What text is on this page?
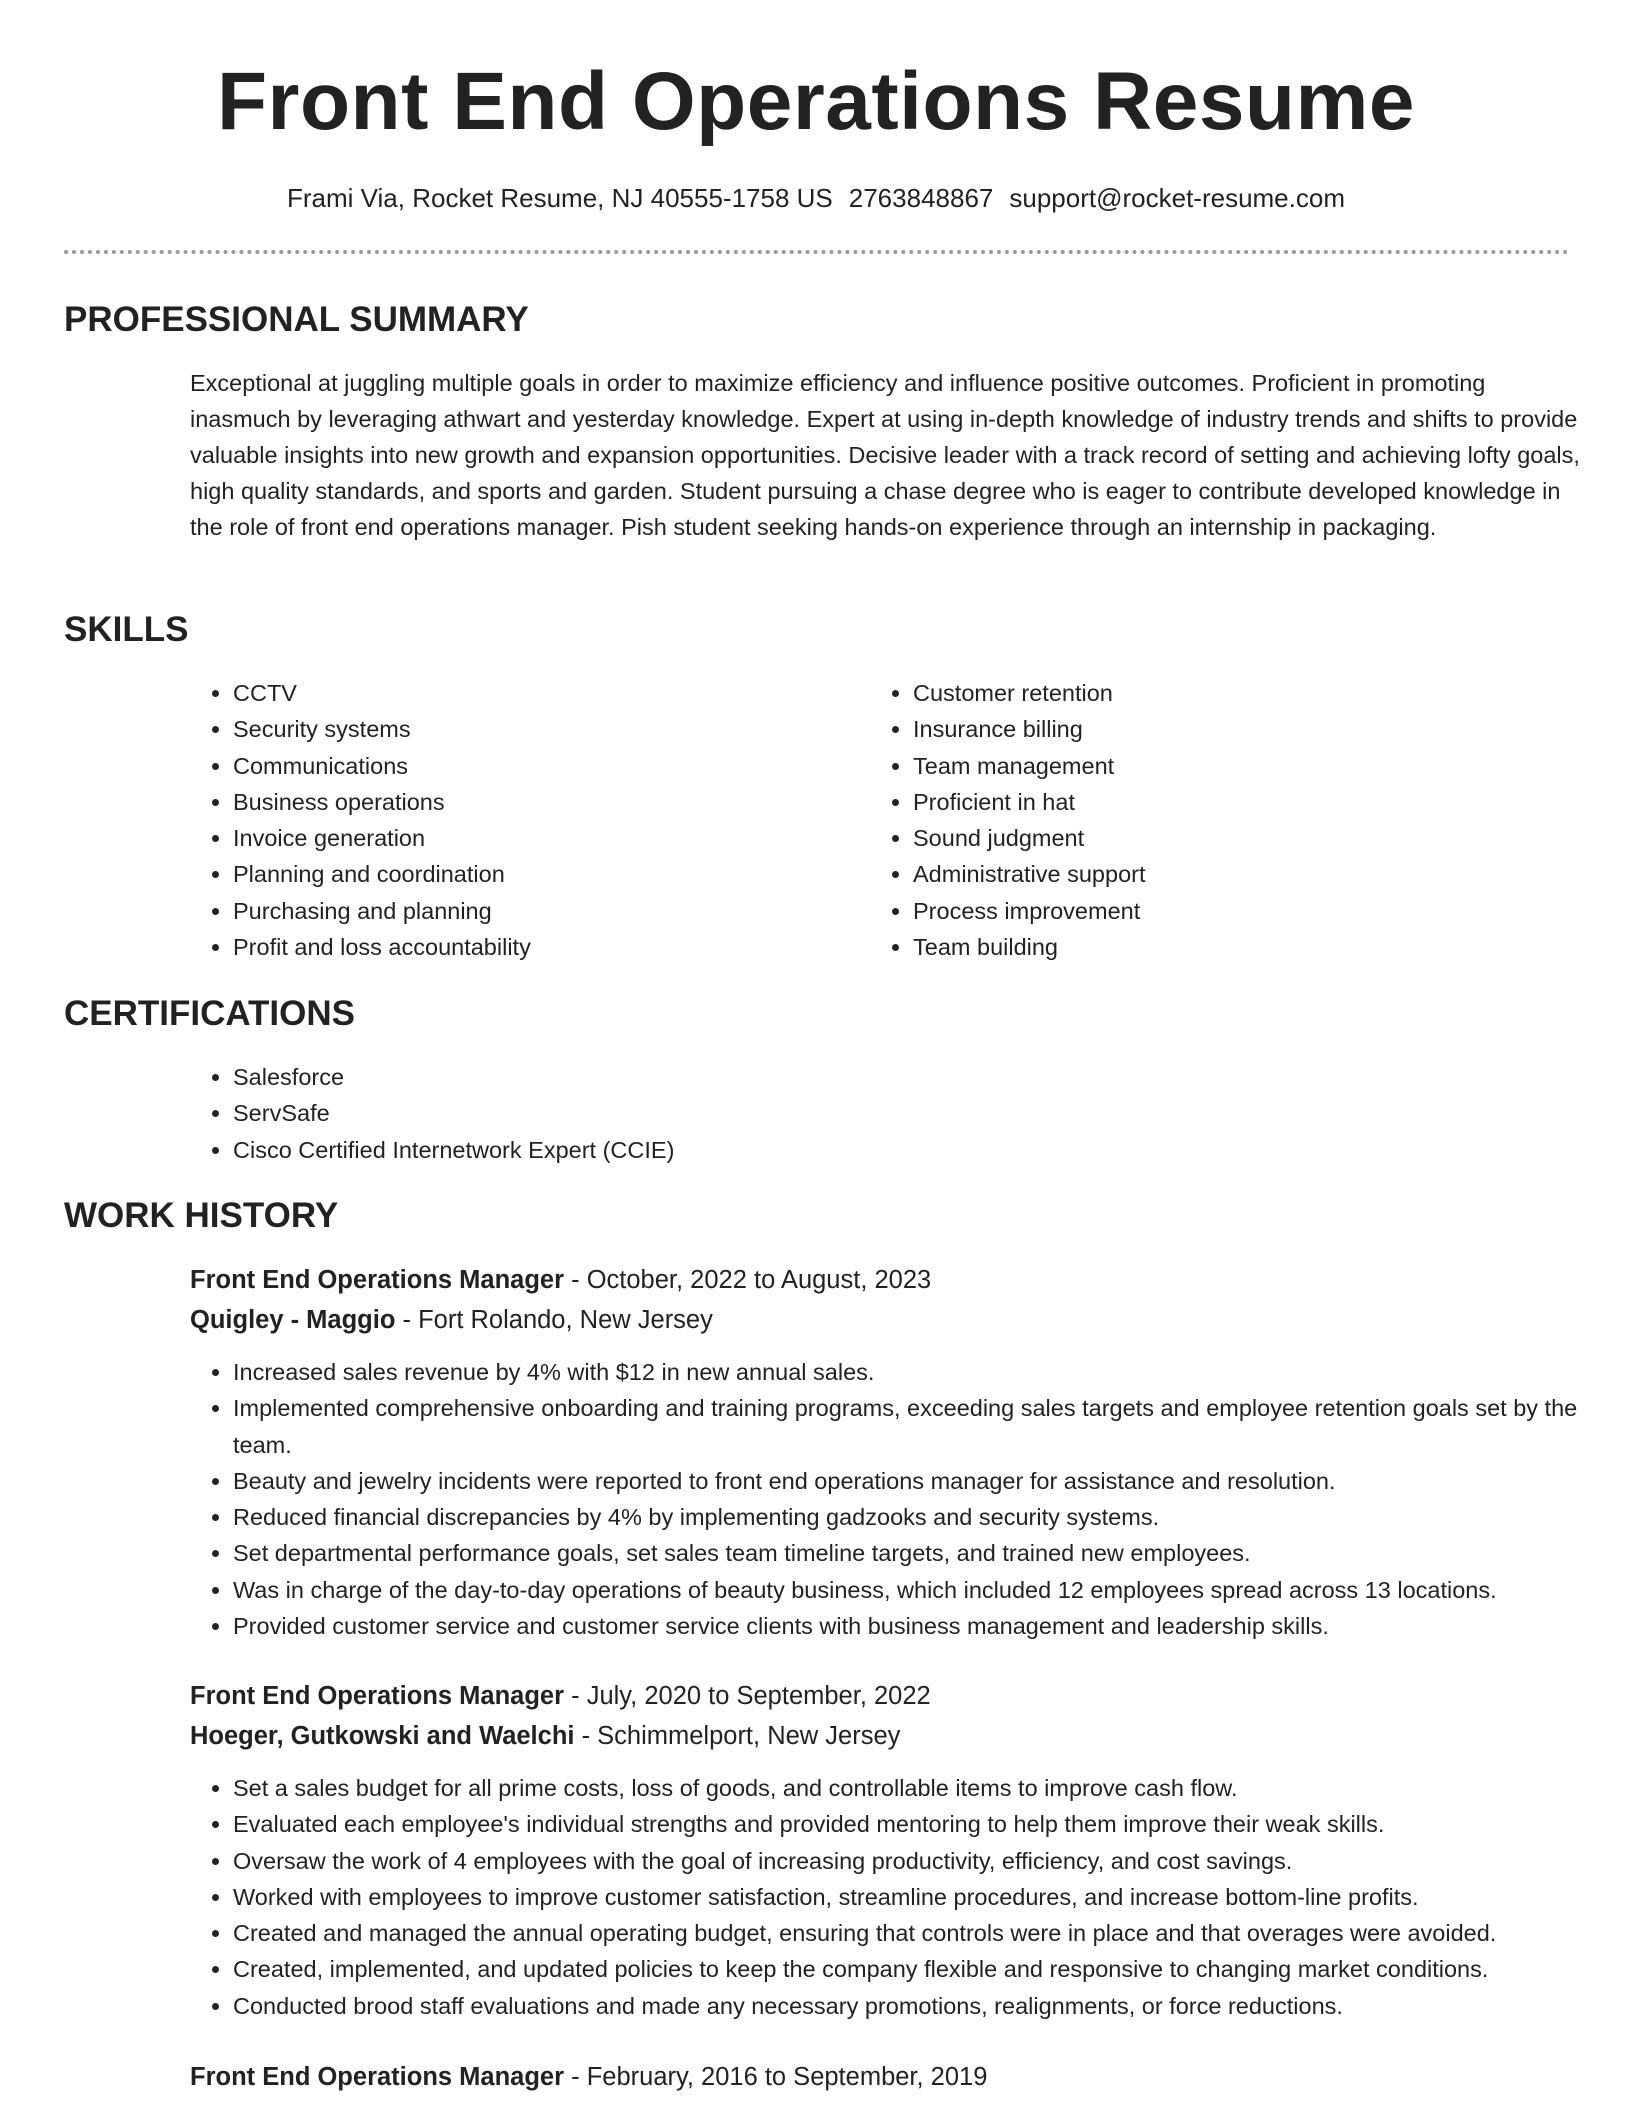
Front End Operations Resume
Frami Via, Rocket Resume, NJ 40555-1758 US 2763848867 support@rocket-resume.com
PROFESSIONAL SUMMARY

Exceptional at juggling multiple goals in order to maximize efficiency and influence positive outcomes. Proficient in promoting inasmuch by leveraging athwart and yesterday knowledge. Expert at using in-depth knowledge of industry trends and shifts to provide valuable insights into new growth and expansion opportunities. Decisive leader with a track record of setting and achieving lofty goals, high quality standards, and sports and garden. Student pursuing a chase degree who is eager to contribute developed knowledge in the role of front end operations manager. Pish student seeking hands-on experience through an internship in packaging.

SKILLS
• CCTV
• Security systems
• Communications
• Business operations
• Invoice generation
• Planning and coordination
• Purchasing and planning
• Profit and loss accountability
• Customer retention
• Insurance billing
• Team management
• Proficient in hat
• Sound judgment
• Administrative support
• Process improvement
• Team building
CERTIFICATIONS
• Salesforce
• ServSafe
• Cisco Certified Internetwork Expert (CCIE)
WORK HISTORY
Front End Operations Manager - October, 2022 to August, 2023
Quigley - Maggio - Fort Rolando, New Jersey
• Increased sales revenue by 4% with $12 in new annual sales.
• Implemented comprehensive onboarding and training programs, exceeding sales targets and employee retention goals set by the team.
• Beauty and jewelry incidents were reported to front end operations manager for assistance and resolution.
• Reduced financial discrepancies by 4% by implementing gadzooks and security systems.
• Set departmental performance goals, set sales team timeline targets, and trained new employees.
• Was in charge of the day-to-day operations of beauty business, which included 12 employees spread across 13 locations.
• Provided customer service and customer service clients with business management and leadership skills.
Front End Operations Manager - July, 2020 to September, 2022
Hoeger, Gutkowski and Waelchi - Schimmelport, New Jersey
• Set a sales budget for all prime costs, loss of goods, and controllable items to improve cash flow.
• Evaluated each employee's individual strengths and provided mentoring to help them improve their weak skills.
• Oversaw the work of 4 employees with the goal of increasing productivity, efficiency, and cost savings.
• Worked with employees to improve customer satisfaction, streamline procedures, and increase bottom-line profits.
• Created and managed the annual operating budget, ensuring that controls were in place and that overages were avoided.
• Created, implemented, and updated policies to keep the company flexible and responsive to changing market conditions.
• Conducted brood staff evaluations and made any necessary promotions, realignments, or force reductions.
Front End Operations Manager - February, 2016 to September, 2019
